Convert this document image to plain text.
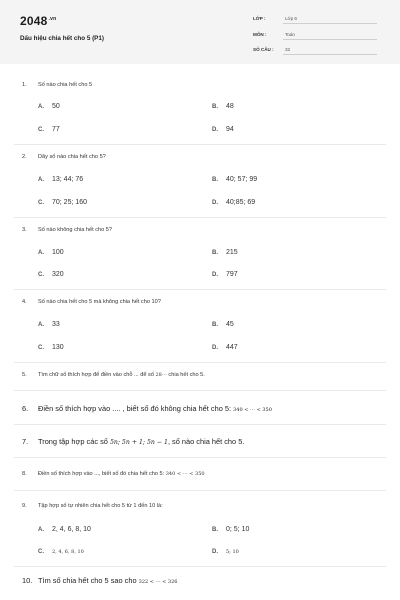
$2048^{.vn}$
Dấu hiệu chia hết cho 5 (P1)
LỚP :	Lớp 6
MÔN :	Toán
SỐ CÂU : 32
1. Số nào chia hết cho 5
A. 50	B. 48
C. 77	D. 94
2. Dãy số nào chia hết cho 5?
A. 13; 44; 76	B. 40; 57; 99
C. 70; 25; 160	D. 40;85; 69
3. Số nào không chia hết cho 5?
A. 100	B. 215
C. 320	D. 797
4. Số nào chia hết cho 5 mà không chia hết cho 10?
A. 33	B. 45
C. 130	D. 447
5. Tìm chữ số thích hợp để điền vào chỗ ... để số 28⋯ chia hết cho 5.
6. Điền số thích hợp vào .... , biết số đó không chia hết cho 5: 340 < ⋯ < 350
7. Trong tập hợp các số 5n; 5n + 1; 5n − 1, số nào chia hết cho 5.
8. Điền số thích hợp vào ..., biết số đó chia hết cho 5: 340 < ⋯ < 350
9. Tập hợp số tự nhiên chia hết cho 5 từ 1 đến 10 là:
A. 2, 4, 6, 8, 10	B. 0; 5; 10
C. 2, 4, 6, 8, 10	D. 5; 10
10. Tìm số chia hết cho 5 sao cho 322 < ⋯ < 326
